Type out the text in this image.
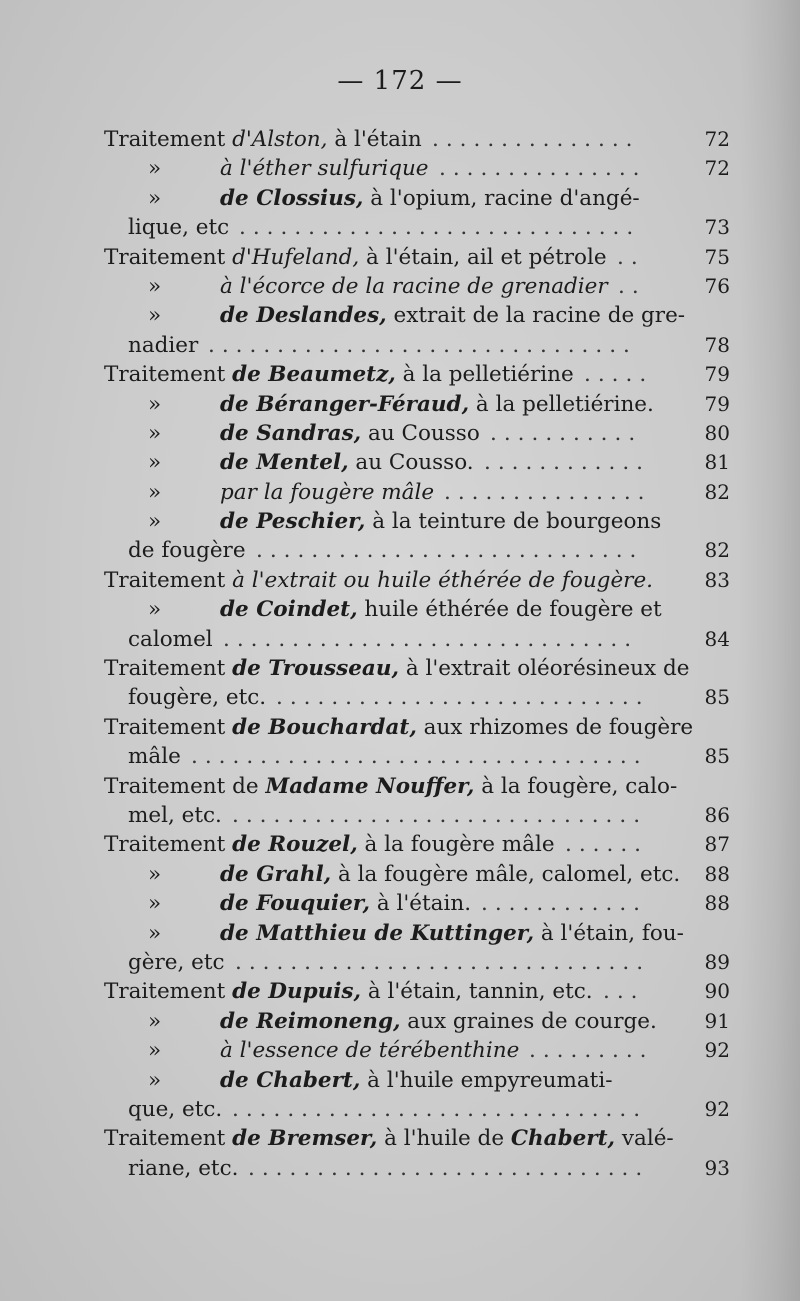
— 172 —
Traitement d'Alston, à l'étain ...............	72
»	à l'éther sulfurique ...............	72
»	de Clossius, à l'opium, racine d'angé-
lique, etc .............................	73
Traitement d'Hufeland, à l'étain, ail et pétrole ..	75
»	à l'écorce de la racine de grenadier ..	76
»	de Deslandes, extrait de la racine de gre-
nadier ...............................	78
Traitement de Beaumetz, à la pelletiérine .....	79
»	de Béranger-Féraud, à la pelletiérine.	79
»	de Sandras, au Cousso ...........	80
»	de Mentel, au Cousso. ............	81
»	par la fougère mâle ...............	82
»	de Peschier, à la teinture de bourgeons
de fougère ............................	82
Traitement à l'extrait ou huile éthérée de fougère.	83
»	de Coindet, huile éthérée de fougère et
calomel ..............................	84
Traitement de Trousseau, à l'extrait oléorésineux de
fougère, etc. ...........................	85
Traitement de Bouchardat, aux rhizomes de fougère
mâle .................................	85
Traitement de Madame Nouffer, à la fougère, calo-
mel, etc. ..............................	86
Traitement de Rouzel, à la fougère mâle ......	87
»	de Grahl, à la fougère mâle, calomel, etc.	88
»	de Fouquier, à l'étain. ............	88
»	de Matthieu de Kuttinger, à l'étain, fou-
gère, etc ..............................	89
Traitement de Dupuis, à l'étain, tannin, etc. ...	90
»	de Reimoneng, aux graines de courge.	91
»	à l'essence de térébenthine .........	92
»	de Chabert, à l'huile empyreumati-
que, etc. ..............................	92
Traitement de Bremser, à l'huile de Chabert, valé-
riane, etc. .............................	93
